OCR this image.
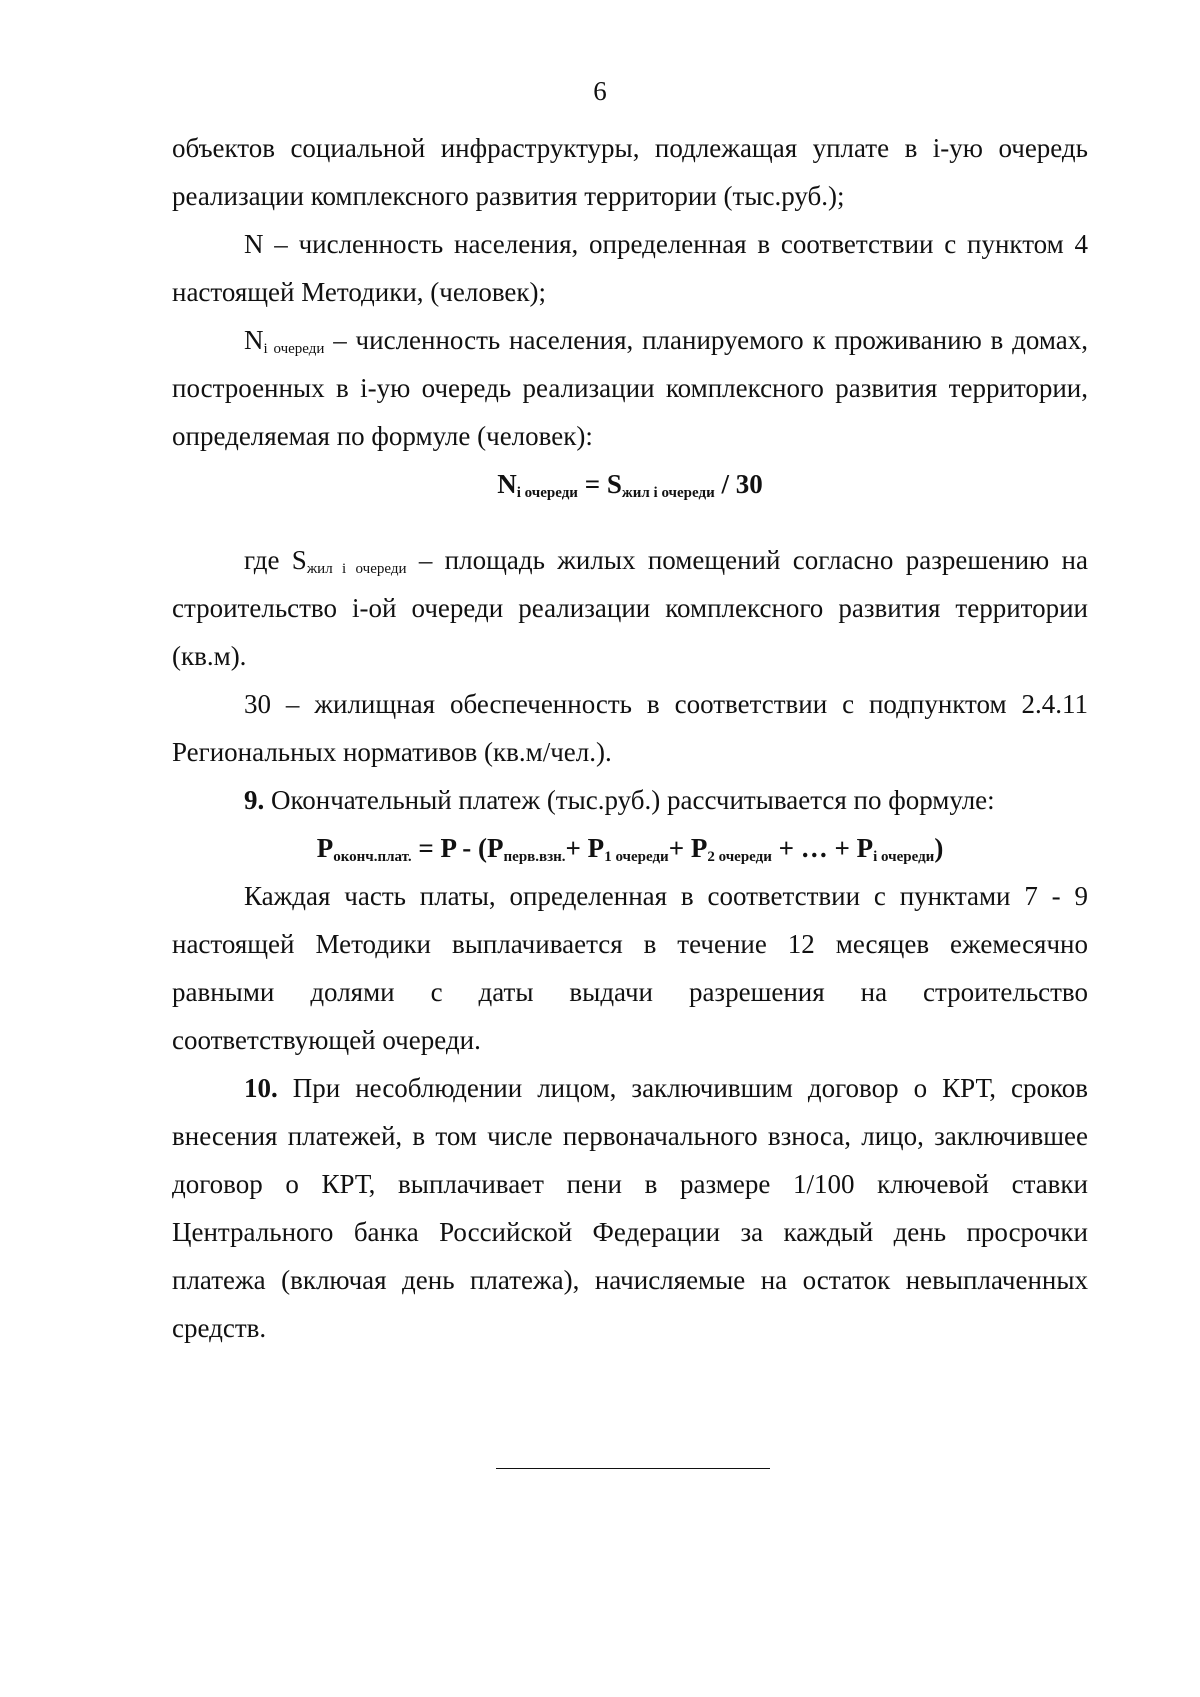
6

объектов социальной инфраструктуры, подлежащая уплате в i-ую очередь реализации комплексного развития территории (тыс.руб.);

N – численность населения, определенная в соответствии с пунктом 4 настоящей Методики, (человек);

$N_{i очереди}$ – численность населения, планируемого к проживанию в домах, построенных в i-ую очередь реализации комплексного развития территории, определяемая по формуле (человек):

$N_{i очереди} = S_{жил i очереди} / 30$

где $S_{жил i очереди}$ – площадь жилых помещений согласно разрешению на строительство i-ой очереди реализации комплексного развития территории (кв.м).

30 – жилищная обеспеченность в соответствии с подпунктом 2.4.11 Региональных нормативов (кв.м/чел.).

9. Окончательный платеж (тыс.руб.) рассчитывается по формуле:

$P_{оконч.плат.} = P - (P_{перв.взн.}+ P_{1 очереди}+ P_{2 очереди}$ + … + $P_{i очереди}$)

Каждая часть платы, определенная в соответствии с пунктами 7 - 9 настоящей Методики выплачивается в течение 12 месяцев ежемесячно равными долями с даты выдачи разрешения на строительство соответствующей очереди.

10. При несоблюдении лицом, заключившим договор о КРТ, сроков внесения платежей, в том числе первоначального взноса, лицо, заключившее договор о КРТ, выплачивает пени в размере 1/100 ключевой ставки Центрального банка Российской Федерации за каждый день просрочки платежа (включая день платежа), начисляемые на остаток невыплаченных средств.
